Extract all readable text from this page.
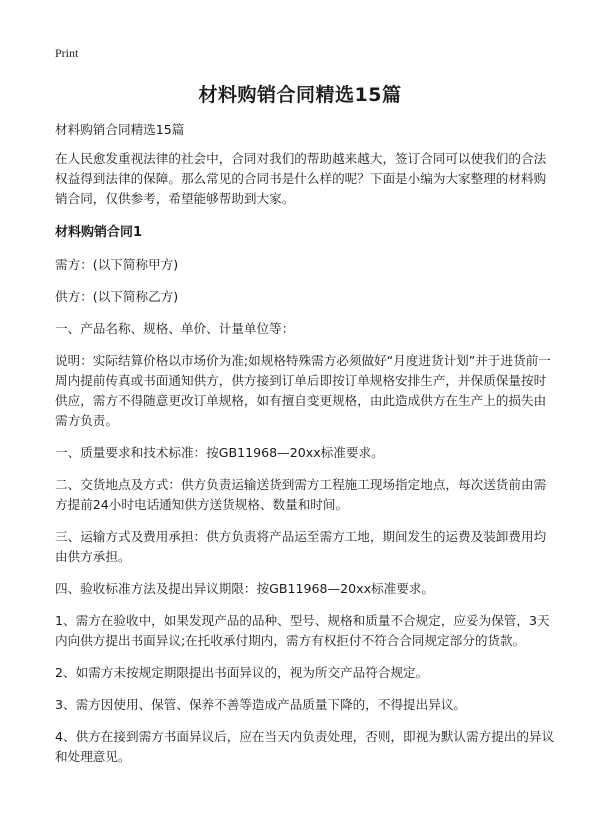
Print
材料购销合同精选15篇

材料购销合同精选15篇

在人民愈发重视法律的社会中，合同对我们的帮助越来越大，签订合同可以使我们的合法权益得到法律的保障。那么常见的合同书是什么样的呢？下面是小编为大家整理的材料购销合同，仅供参考，希望能够帮助到大家。

材料购销合同1

需方：(以下简称甲方)

供方：(以下简称乙方)

一、产品名称、规格、单价、计量单位等：

说明：实际结算价格以市场价为准;如规格特殊需方必须做好“月度进货计划”并于进货前一周内提前传真或书面通知供方，供方接到订单后即按订单规格安排生产，并保质保量按时供应，需方不得随意更改订单规格，如有擅自变更规格，由此造成供方在生产上的损失由需方负责。

一、质量要求和技术标准：按GB11968—20xx标准要求。

二、交货地点及方式：供方负责运输送货到需方工程施工现场指定地点，每次送货前由需方提前24小时电话通知供方送货规格、数量和时间。

三、运输方式及费用承担：供方负责将产品运至需方工地，期间发生的运费及装卸费用均由供方承担。

四、验收标准方法及提出异议期限：按GB11968—20xx标准要求。

1、需方在验收中，如果发现产品的品种、型号、规格和质量不合规定，应妥为保管，3天内向供方提出书面异议;在托收承付期内，需方有权拒付不符合合同规定部分的货款。

2、如需方未按规定期限提出书面异议的，视为所交产品符合规定。

3、需方因使用、保管、保养不善等造成产品质量下降的，不得提出异议。

4、供方在接到需方书面异议后，应在当天内负责处理，否则，即视为默认需方提出的异议和处理意见。
